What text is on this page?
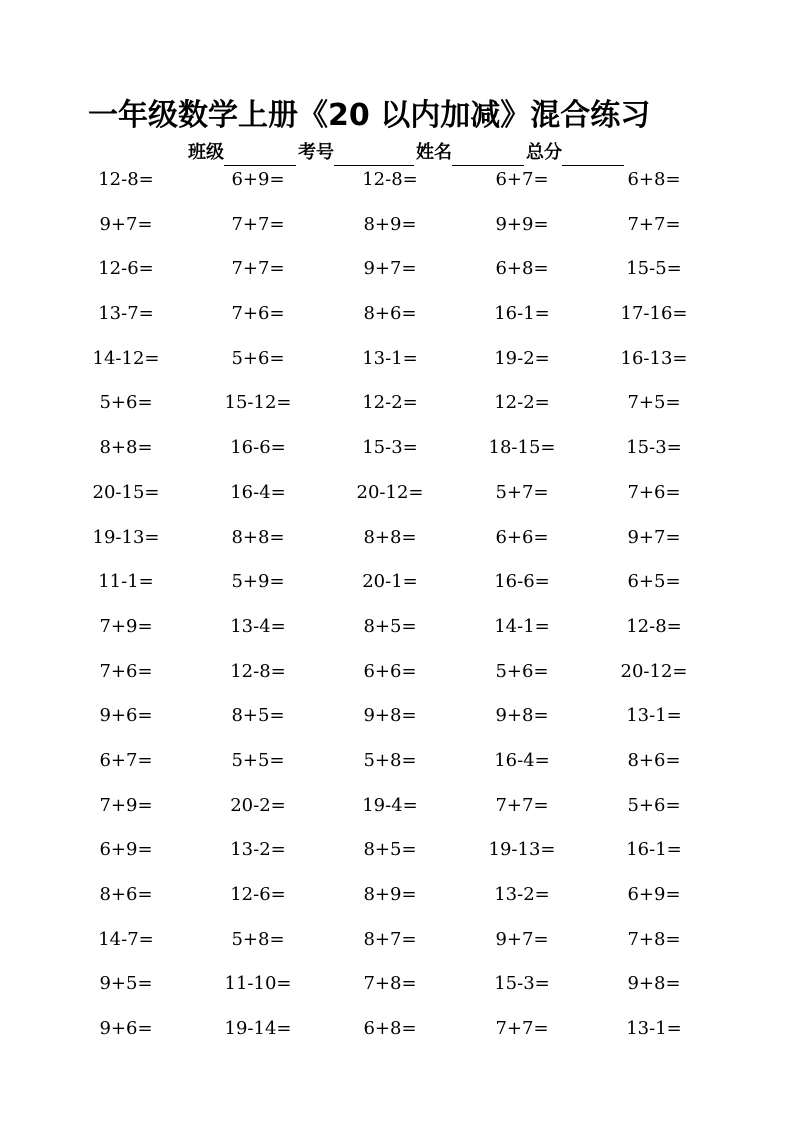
一年级数学上册《20 以内加减》混合练习
班级	考号	姓名	总分
12-8=	6+9=	12-8=	6+7=	6+8=
9+7=	7+7=	8+9=	9+9=	7+7=
12-6=	7+7=	9+7=	6+8=	15-5=
13-7=	7+6=	8+6=	16-1=	17-16=
14-12=	5+6=	13-1=	19-2=	16-13=
5+6=	15-12=	12-2=	12-2=	7+5=
8+8=	16-6=	15-3=	18-15=	15-3=
20-15=	16-4=	20-12=	5+7=	7+6=
19-13=	8+8=	8+8=	6+6=	9+7=
11-1=	5+9=	20-1=	16-6=	6+5=
7+9=	13-4=	8+5=	14-1=	12-8=
7+6=	12-8=	6+6=	5+6=	20-12=
9+6=	8+5=	9+8=	9+8=	13-1=
6+7=	5+5=	5+8=	16-4=	8+6=
7+9=	20-2=	19-4=	7+7=	5+6=
6+9=	13-2=	8+5=	19-13=	16-1=
8+6=	12-6=	8+9=	13-2=	6+9=
14-7=	5+8=	8+7=	9+7=	7+8=
9+5=	11-10=	7+8=	15-3=	9+8=
9+6=	19-14=	6+8=	7+7=	13-1=
